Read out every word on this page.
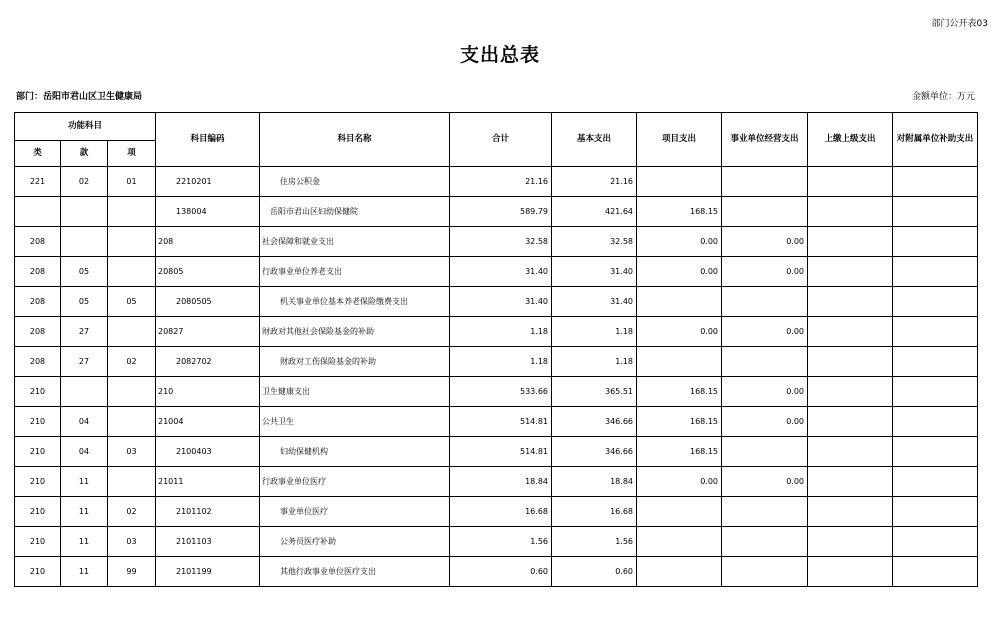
部门公开表03
支出总表
部门：岳阳市君山区卫生健康局	金额单位：万元
功能科目			科目编码	科目名称	合计	基本支出	项目支出	事业单位经营支出	上缴上级支出	对附属单位补助支出
类	款	项								
221	02	01	2210201	住房公积金	21.16	21.16				
			138004	岳阳市君山区妇幼保健院	589.79	421.64	168.15			
208			208	社会保障和就业支出	32.58	32.58	0.00	0.00		
208	05		20805	行政事业单位养老支出	31.40	31.40	0.00	0.00		
208	05	05	2080505	机关事业单位基本养老保险缴费支出	31.40	31.40				
208	27		20827	财政对其他社会保险基金的补助	1.18	1.18	0.00	0.00		
208	27	02	2082702	财政对工伤保险基金的补助	1.18	1.18				
210			210	卫生健康支出	533.66	365.51	168.15	0.00		
210	04		21004	公共卫生	514.81	346.66	168.15	0.00		
210	04	03	2100403	妇幼保健机构	514.81	346.66	168.15			
210	11		21011	行政事业单位医疗	18.84	18.84	0.00	0.00		
210	11	02	2101102	事业单位医疗	16.68	16.68				
210	11	03	2101103	公务员医疗补助	1.56	1.56				
210	11	99	2101199	其他行政事业单位医疗支出	0.60	0.60				
